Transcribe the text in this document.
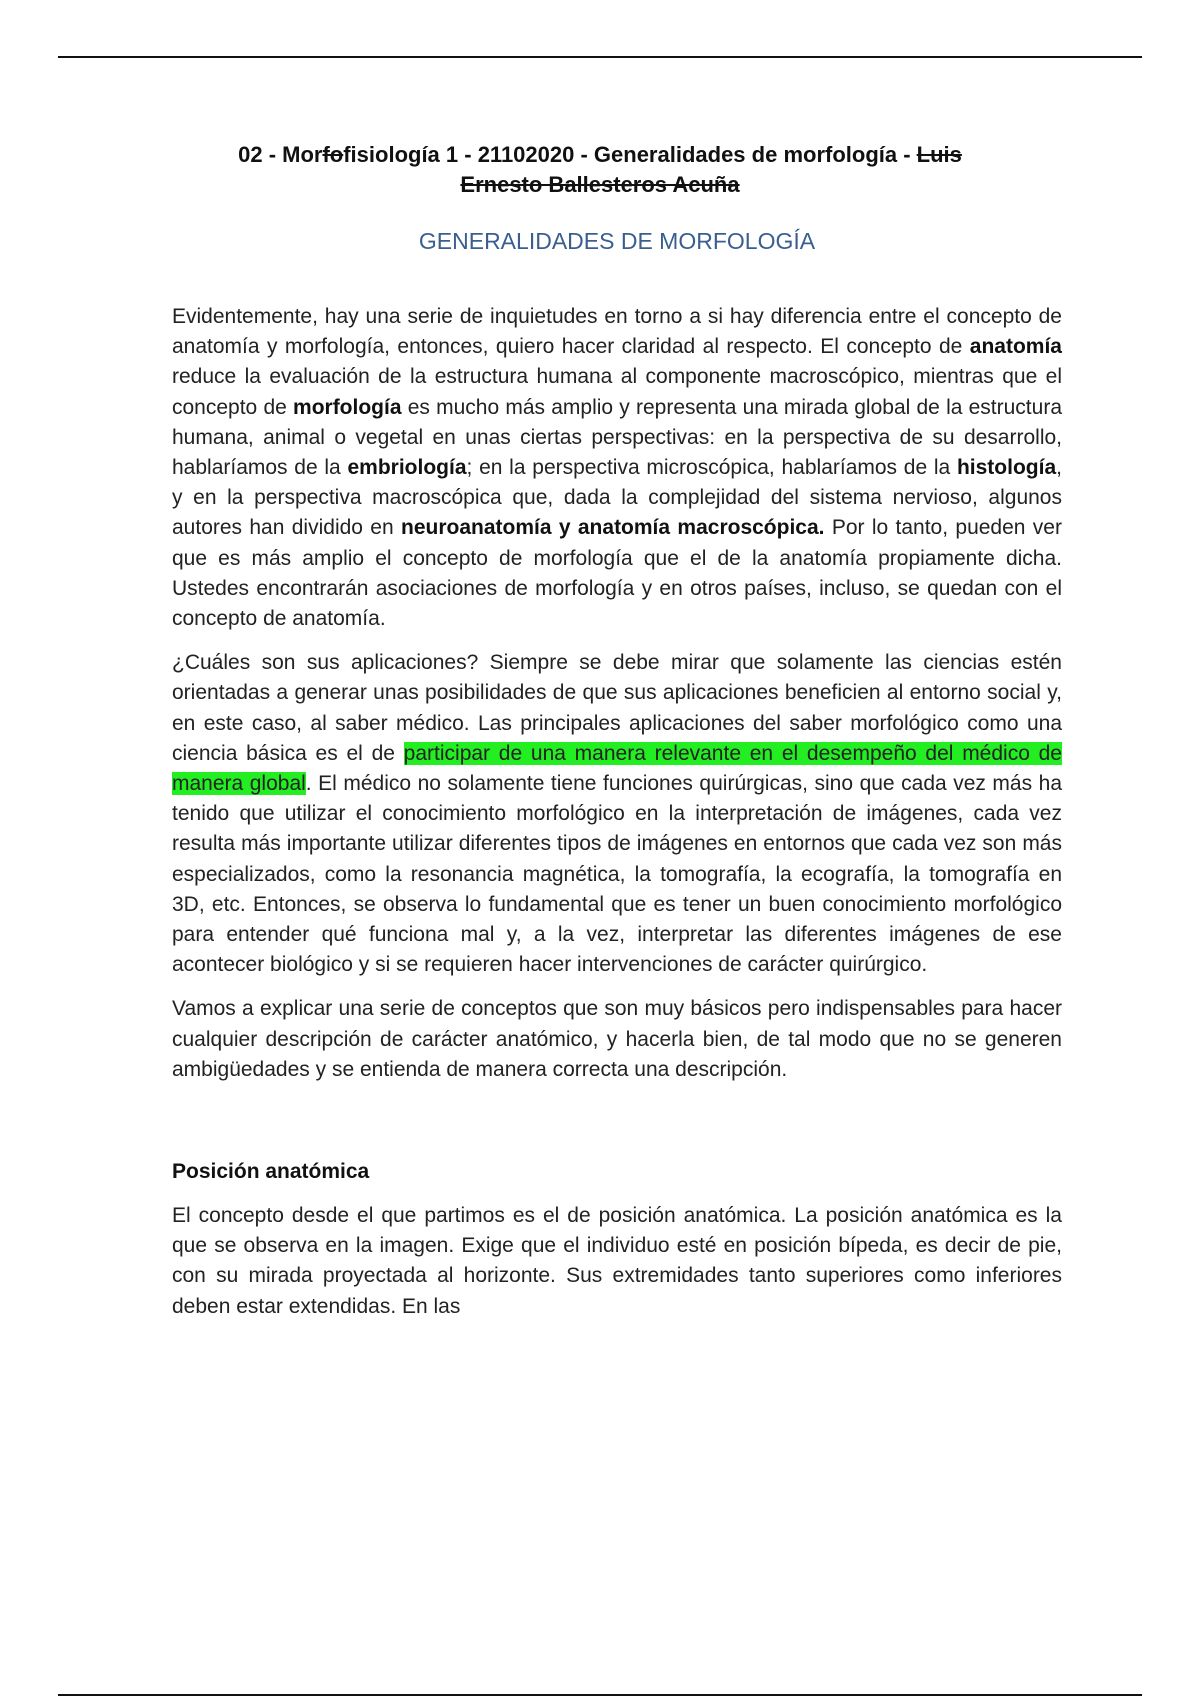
02 - Morfofisiología 1 - 21102020 - Generalidades de morfología - Luis
Ernesto Ballesteros Acuña
GENERALIDADES DE MORFOLOGÍA

Evidentemente, hay una serie de inquietudes en torno a si hay diferencia entre el concepto de anatomía y morfología, entonces, quiero hacer claridad al respecto. El concepto de anatomía reduce la evaluación de la estructura humana al componente macroscópico, mientras que el concepto de morfología es mucho más amplio y representa una mirada global de la estructura humana, animal o vegetal en unas ciertas perspectivas: en la perspectiva de su desarrollo, hablaríamos de la embriología; en la perspectiva microscópica, hablaríamos de la histología, y en la perspectiva macroscópica que, dada la complejidad del sistema nervioso, algunos autores han dividido en neuroanatomía y anatomía macroscópica. Por lo tanto, pueden ver que es más amplio el concepto de morfología que el de la anatomía propiamente dicha. Ustedes encontrarán asociaciones de morfología y en otros países, incluso, se quedan con el concepto de anatomía.

¿Cuáles son sus aplicaciones? Siempre se debe mirar que solamente las ciencias estén orientadas a generar unas posibilidades de que sus aplicaciones beneficien al entorno social y, en este caso, al saber médico. Las principales aplicaciones del saber morfológico como una ciencia básica es el de participar de una manera relevante en el desempeño del médico de manera global. El médico no solamente tiene funciones quirúrgicas, sino que cada vez más ha tenido que utilizar el conocimiento morfológico en la interpretación de imágenes, cada vez resulta más importante utilizar diferentes tipos de imágenes en entornos que cada vez son más especializados, como la resonancia magnética, la tomografía, la ecografía, la tomografía en 3D, etc. Entonces, se observa lo fundamental que es tener un buen conocimiento morfológico para entender qué funciona mal y, a la vez, interpretar las diferentes imágenes de ese acontecer biológico y si se requieren hacer intervenciones de carácter quirúrgico.

Vamos a explicar una serie de conceptos que son muy básicos pero indispensables para hacer cualquier descripción de carácter anatómico, y hacerla bien, de tal modo que no se generen ambigüedades y se entienda de manera correcta una descripción.

Posición anatómica

El concepto desde el que partimos es el de posición anatómica. La posición anatómica es la que se observa en la imagen. Exige que el individuo esté en posición bípeda, es decir de pie, con su mirada proyectada al horizonte. Sus extremidades tanto superiores como inferiores deben estar extendidas. En las
